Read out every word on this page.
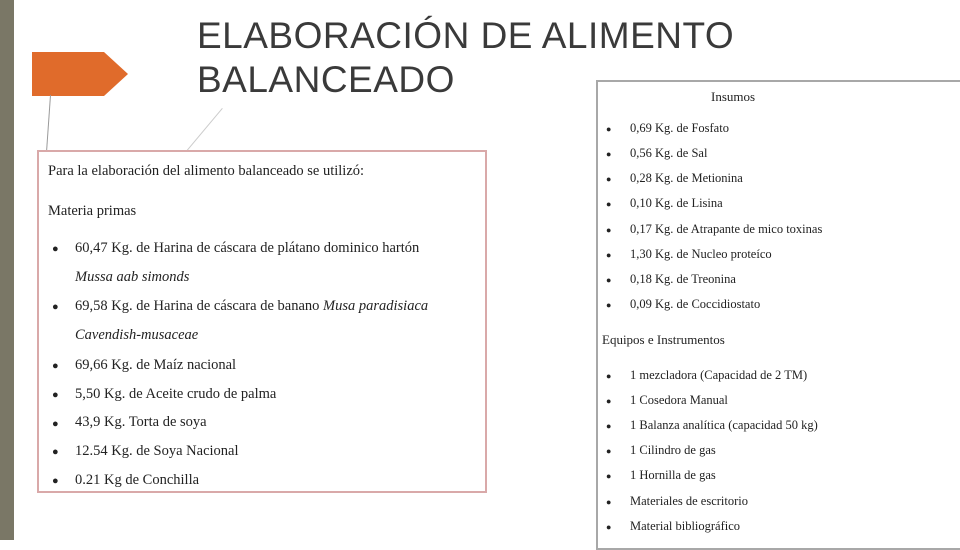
ELABORACIÓN DE ALIMENTO BALANCEADO
Para la elaboración del alimento balanceado se utilizó:
Materia primas
● 60,47 Kg. de Harina de cáscara de plátano dominico hartón
Mussa aab simonds
● 69,58 Kg. de Harina de cáscara de banano Musa paradisiaca
Cavendish-musaceae
● 69,66 Kg. de Maíz nacional
● 5,50 Kg. de Aceite crudo de palma
● 43,9 Kg. Torta de soya
● 12.54 Kg. de Soya Nacional
● 0.21 Kg de Conchilla
Insumos
● 0,69 Kg. de Fosfato
● 0,56 Kg. de Sal
● 0,28 Kg. de Metionina
● 0,10 Kg. de Lisina
● 0,17 Kg. de Atrapante de mico toxinas
● 1,30 Kg. de Nucleo proteíco
● 0,18 Kg. de Treonina
● 0,09 Kg. de Coccidiostato
Equipos e Instrumentos
● 1 mezcladora (Capacidad de 2 TM)
● 1 Cosedora Manual
● 1 Balanza analítica (capacidad 50 kg)
● 1 Cilindro de gas
● 1 Hornilla de gas
● Materiales de escritorio
● Material bibliográfico
